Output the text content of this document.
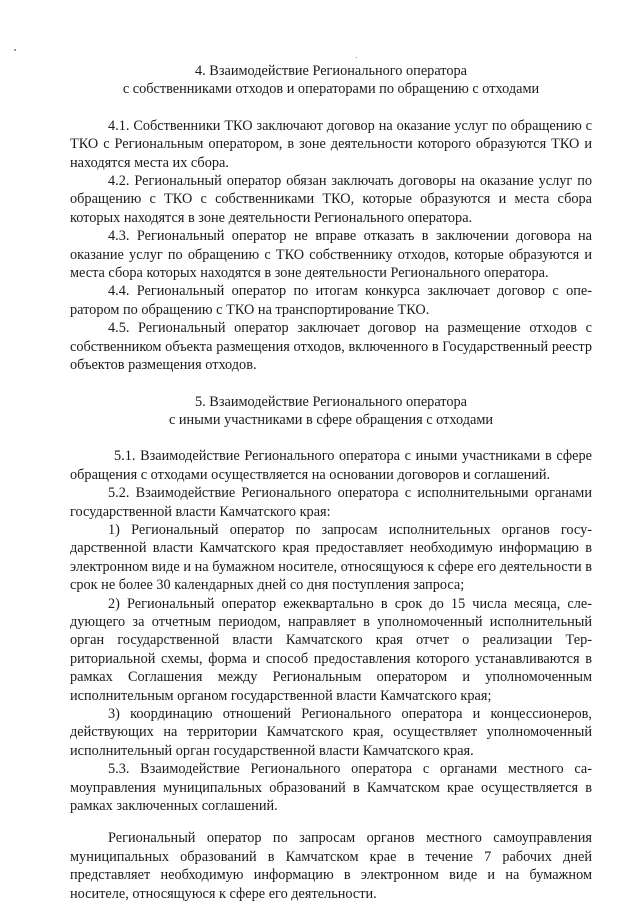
4. Взаимодействие Регионального оператора
с собственниками отходов и операторами по обращению с отходами

4.1. Собственники ТКО заключают договор на оказание услуг по обращению с ТКО с Региональным оператором, в зоне деятельности которого образуются ТКО и находятся места их сбора.

4.2. Региональный оператор обязан заключать договоры на оказание услуг по обращению с ТКО с собственниками ТКО, которые образуются и места сбора которых находятся в зоне деятельности Регионального оператора.

4.3. Региональный оператор не вправе отказать в заключении договора на оказание услуг по обращению с ТКО собственнику отходов, которые образуются и места сбора которых находятся в зоне деятельности Регионального оператора.

4.4. Региональный оператор по итогам конкурса заключает договор с оператором по обращению с ТКО на транспортирование ТКО.

4.5. Региональный оператор заключает договор на размещение отходов с собственником объекта размещения отходов, включенного в Государственный реестр объектов размещения отходов.

5. Взаимодействие Регионального оператора
с иными участниками в сфере обращения с отходами

5.1. Взаимодействие Регионального оператора с иными участниками в сфере обращения с отходами осуществляется на основании договоров и соглашений.

5.2. Взаимодействие Регионального оператора с исполнительными органами государственной власти Камчатского края:

1) Региональный оператор по запросам исполнительных органов государственной власти Камчатского края предоставляет необходимую информацию в электронном виде и на бумажном носителе, относящуюся к сфере его деятельности в срок не более 30 календарных дней со дня поступления запроса;

2) Региональный оператор ежеквартально в срок до 15 числа месяца, следующего за отчетным периодом, направляет в уполномоченный исполнительный орган государственной власти Камчатского края отчет о реализации Территориальной схемы, форма и способ предоставления которого устанавливаются в рамках Соглашения между Региональным оператором и уполномоченным исполнительным органом государственной власти Камчатского края;

3) координацию отношений Регионального оператора и концессионеров, действующих на территории Камчатского края, осуществляет уполномоченный исполнительный орган государственной власти Камчатского края.

5.3. Взаимодействие Регионального оператора с органами местного самоуправления муниципальных образований в Камчатском крае осуществляется в рамках заключенных соглашений.

Региональный оператор по запросам органов местного самоуправления муниципальных образований в Камчатском крае в течение 7 рабочих дней представляет необходимую информацию в электронном виде и на бумажном носителе, относящуюся к сфере его деятельности.
